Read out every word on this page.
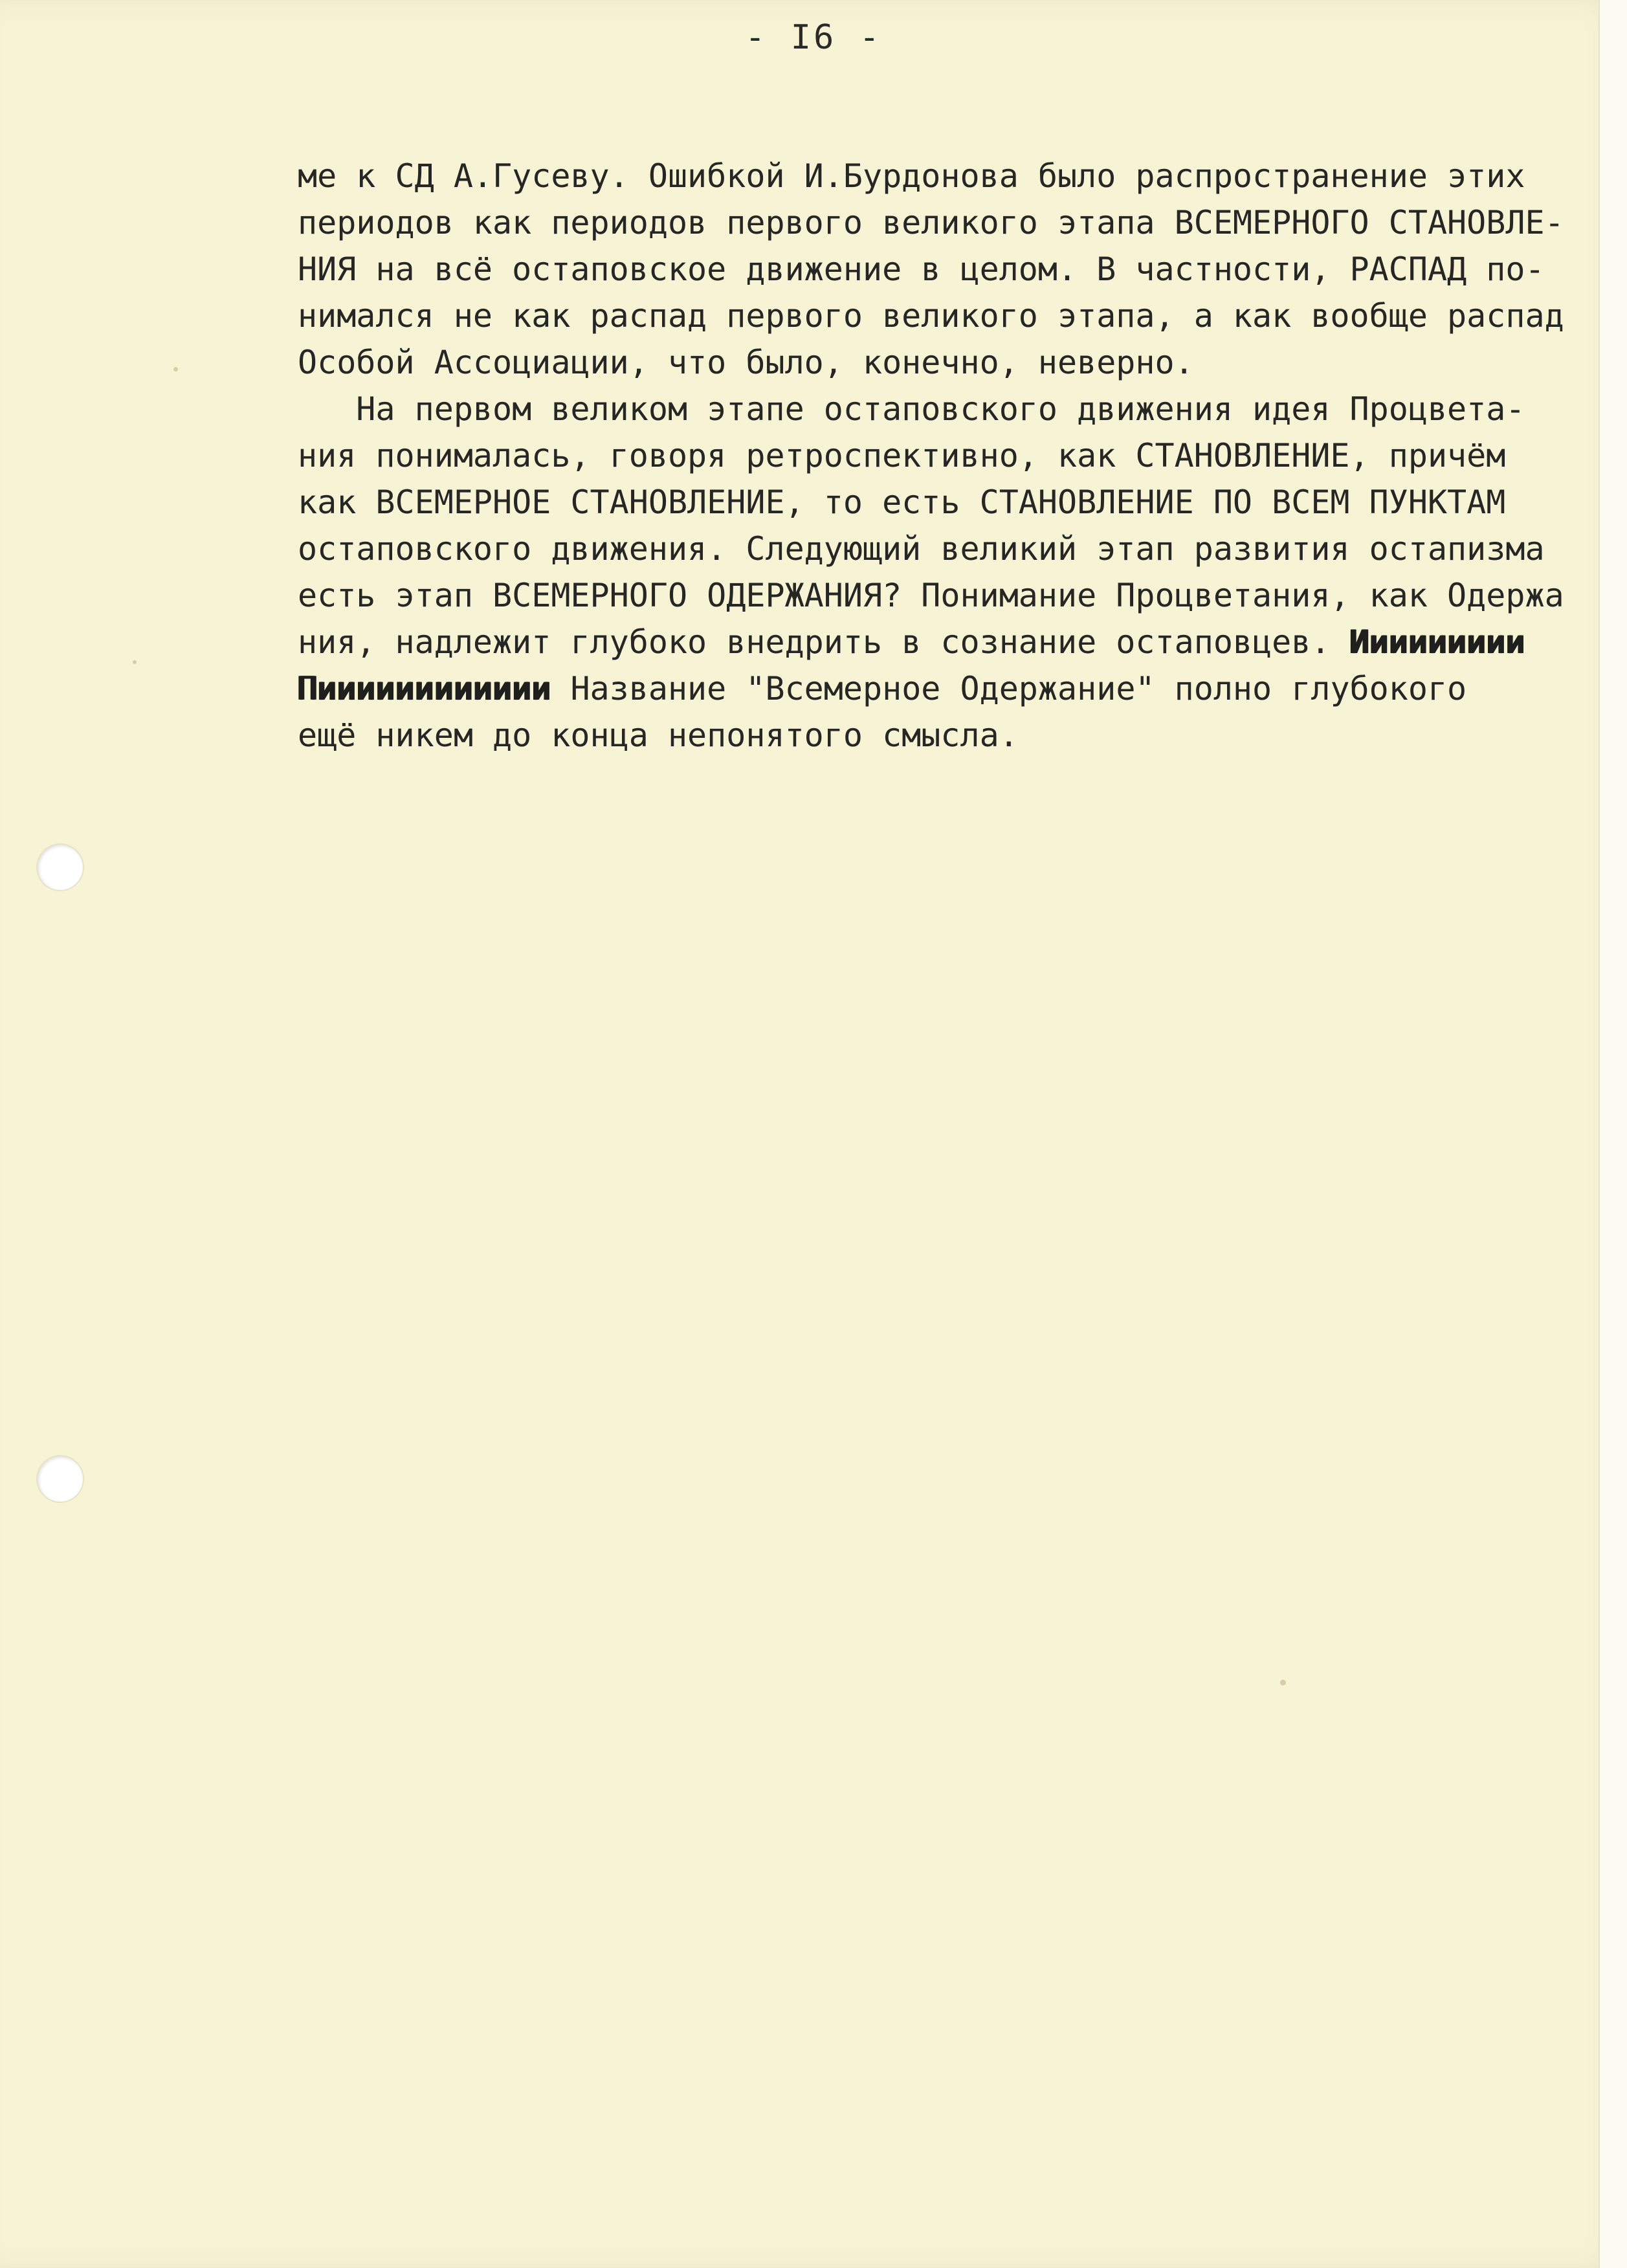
- I6 -
ме к СД А.Гусеву. Ошибкой И.Бурдонова было распространение этих
периодов как периодов первого великого этапа ВСЕМЕРНОГО СТАНОВЛЕ-
НИЯ на всё остаповское движение в целом. В частности, РАСПАД по-
нимался не как распад первого великого этапа, а как вообще распад
Особой Ассоциации, что было, конечно, неверно.
На первом великом этапе остаповского движения идея Процвета-
ния понималась, говоря ретроспективно, как СТАНОВЛЕНИЕ, причём
как ВСЕМЕРНОЕ СТАНОВЛЕНИЕ, то есть СТАНОВЛЕНИЕ ПО ВСЕМ ПУНКТАМ
остаповского движения. Следующий великий этап развития остапизма
есть этап ВСЕМЕРНОГО ОДЕРЖАНИЯ? Понимание Процветания, как Одержа
ния, надлежит глубоко внедрить в сознание остаповцев. Иииииииии
Пииииииииииии Название "Всемерное Одержание" полно глубокого
ещё никем до конца непонятого смысла.
